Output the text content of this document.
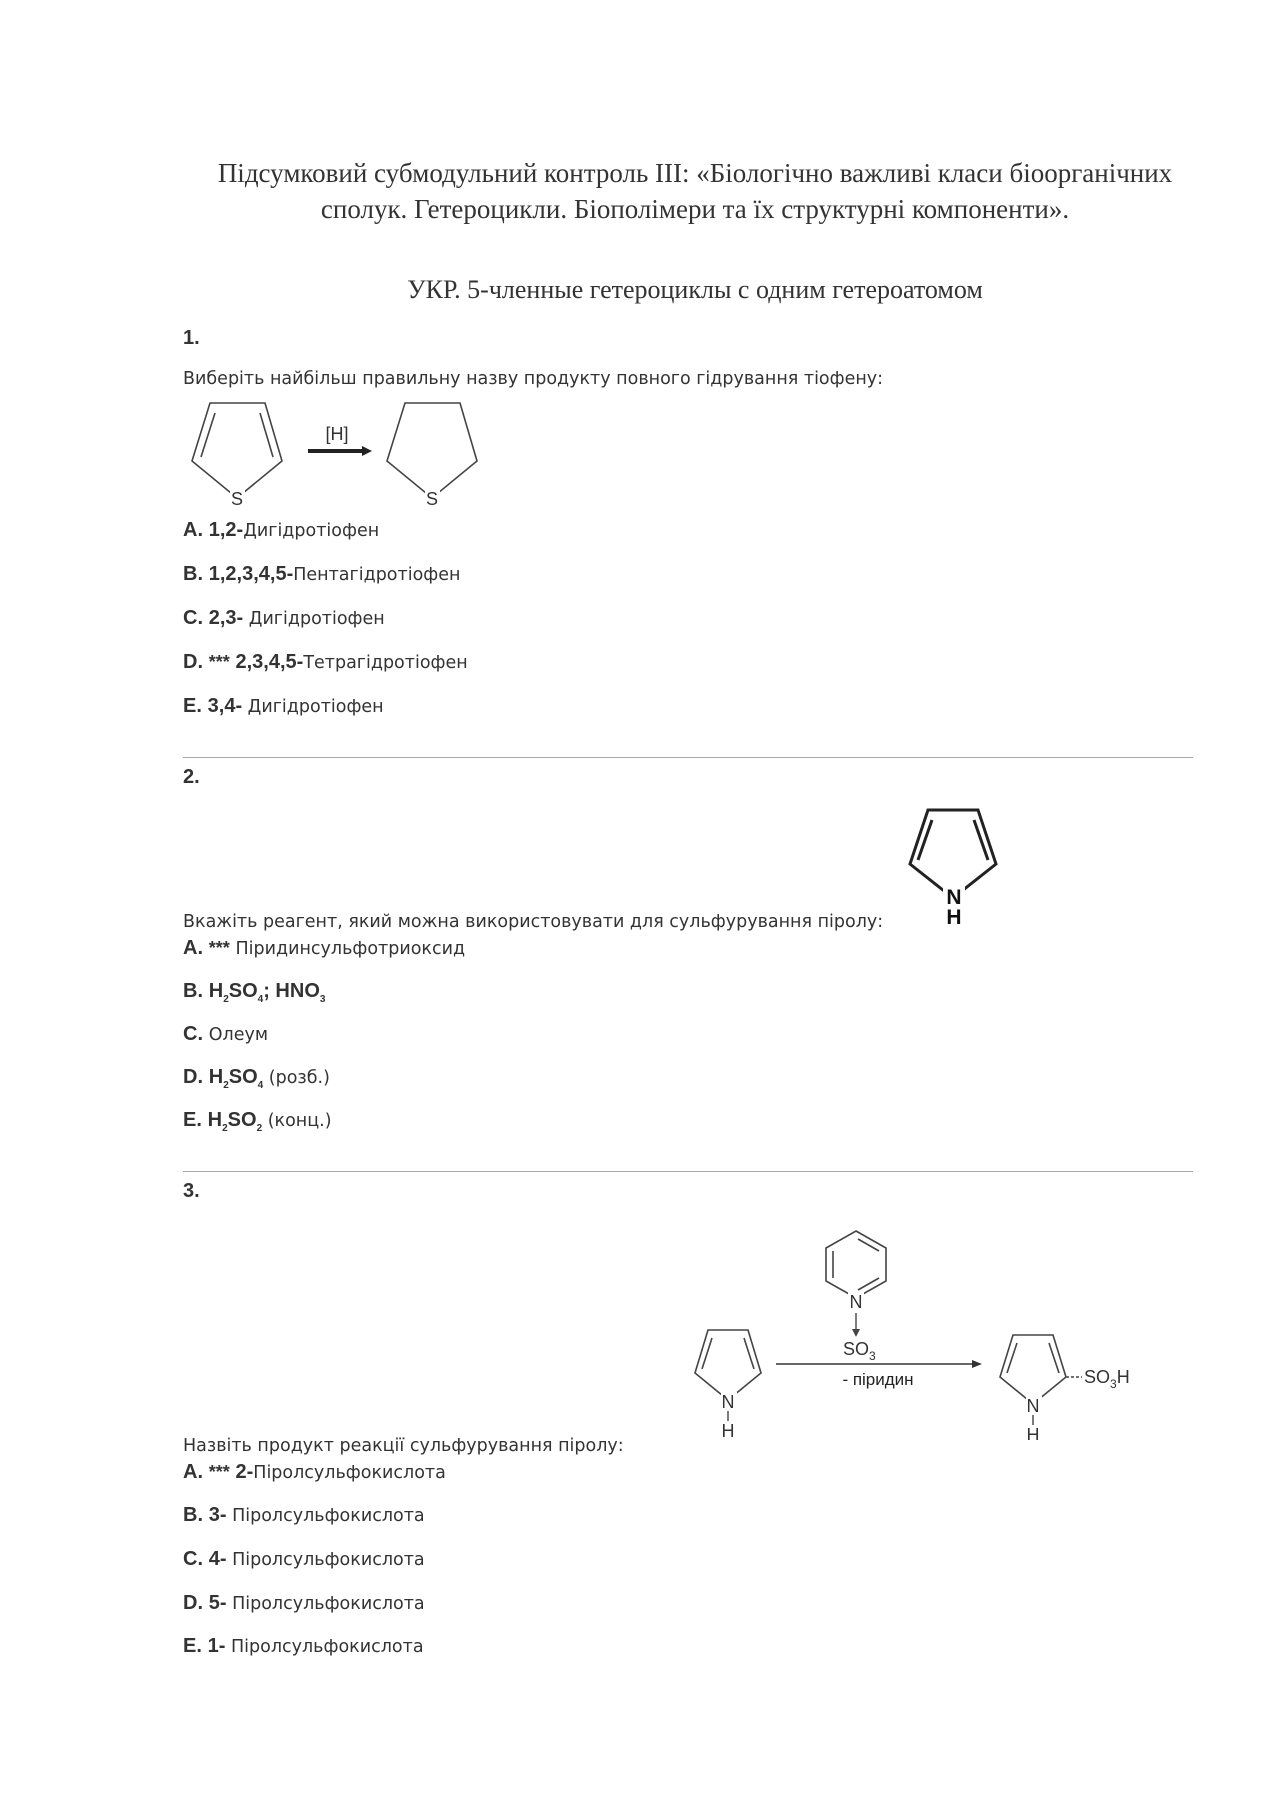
Підсумковий субмодульний контроль III: «Біологічно важливі класи біоорганічних сполук. Гетероцикли. Біополімери та їх структурні компоненти».
УКР. 5-членные гетероциклы с одним гетероатомом
1.
Виберіть найбільш правильну назву продукту повного гідрування тіофену:
S	S
[H]
A. 1,2-Дигідротіофен
B. 1,2,3,4,5-Пентагідротіофен
C. 2,3- Дигідротіофен
D. *** 2,3,4,5-Тетрагідротіофен
E. 3,4- Дигідротіофен
2.
Вкажіть реагент, який можна використовувати для сульфурування піролу:
N
H
A. *** Піридинсульфотриоксид
B. $H_2SO_4$; $HNO_3$
C. Олеум
D. $H_2SO_4$ (розб.)
E. $H_2SO_2$ (конц.)
3.
Назвіть продукт реакції сульфурування піролу:
N
$SO_3$
- піридин
N
H
N
H
$SO_3H$
A. *** 2-Піролсульфокислота
B. 3- Піролсульфокислота
C. 4- Піролсульфокислота
D. 5- Піролсульфокислота
E. 1- Піролсульфокислота
